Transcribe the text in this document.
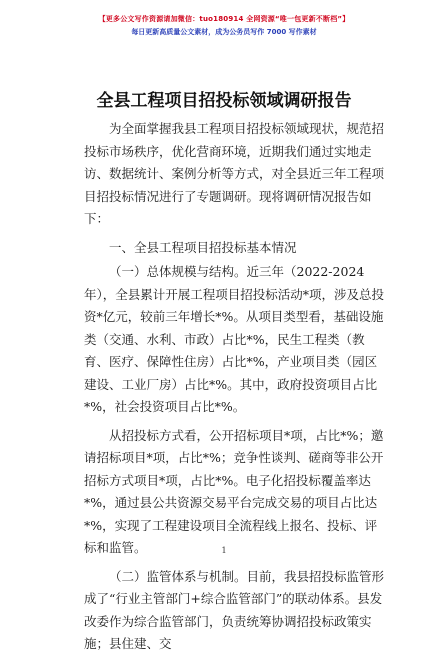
【更多公文写作资源请加微信：tuo180914 全网资源“唯一包更新不断档”】
每日更新高质量公文素材，成为公务员写作 7000 写作素材
全县工程项目招投标领域调研报告

为全面掌握我县工程项目招投标领域现状，规范招投标市场秩序，优化营商环境，近期我们通过实地走访、数据统计、案例分析等方式，对全县近三年工程项目招投标情况进行了专题调研。现将调研情况报告如下：

一、全县工程项目招投标基本情况

（一）总体规模与结构。近三年（2022-2024年），全县累计开展工程项目招投标活动*项，涉及总投资*亿元，较前三年增长*%。从项目类型看，基础设施类（交通、水利、市政）占比*%，民生工程类（教育、医疗、保障性住房）占比*%，产业项目类（园区建设、工业厂房）占比*%。其中，政府投资项目占比*%，社会投资项目占比*%。

从招投标方式看，公开招标项目*项，占比*%；邀请招标项目*项，占比*%；竞争性谈判、磋商等非公开招标方式项目*项，占比*%。电子化招投标覆盖率达*%，通过县公共资源交易平台完成交易的项目占比达*%，实现了工程建设项目全流程线上报名、投标、评标和监管。

（二）监管体系与机制。目前，我县招投标监管形成了“行业主管部门+综合监管部门”的联动体系。县发改委作为综合监管部门，负责统筹协调招投标政策实施；县住建、交

1
